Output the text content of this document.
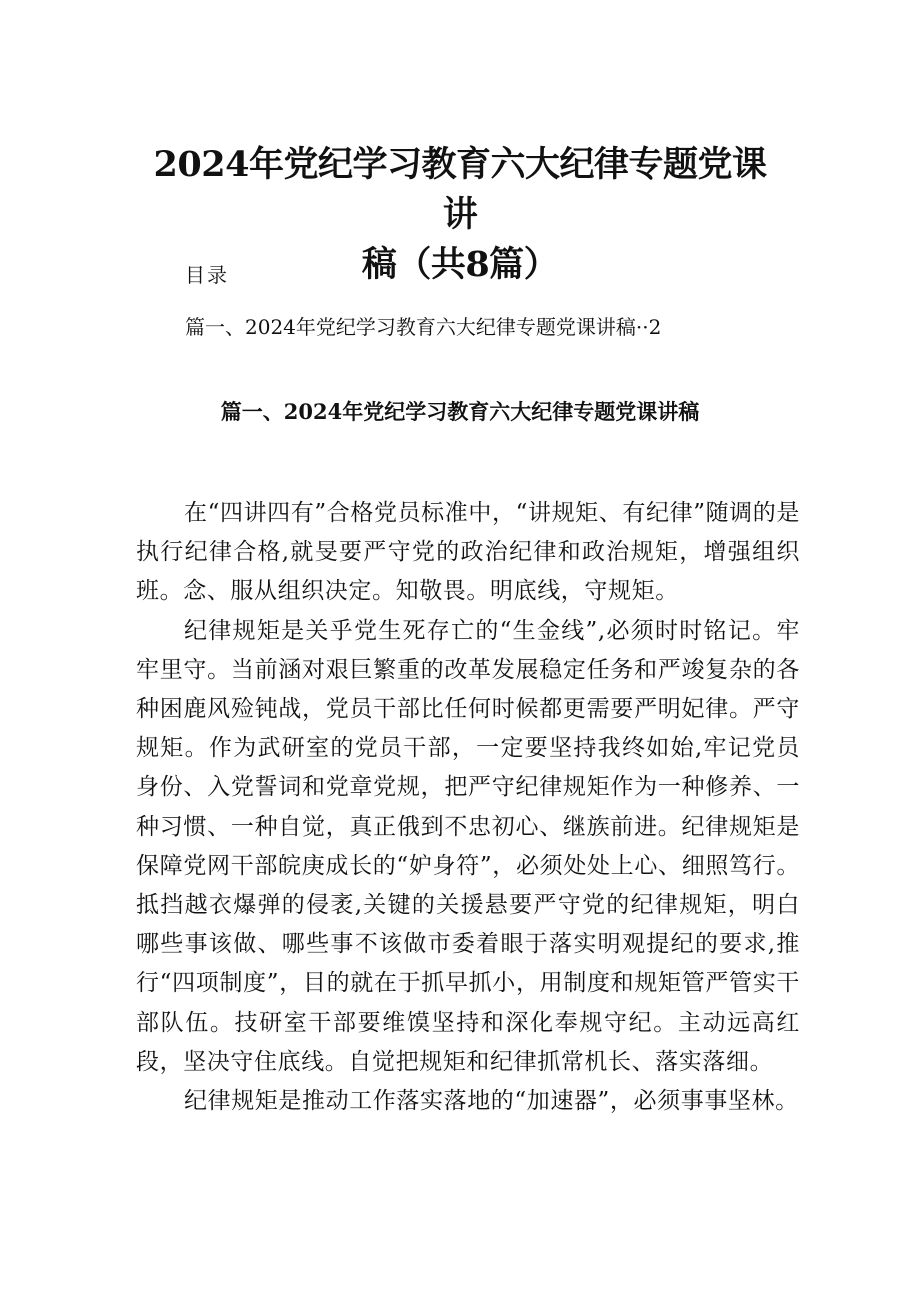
2024年党纪学习教育六大纪律专题党课讲
稿（共8篇）
目录
篇一、2024年党纪学习教育六大纪律专题党课讲稿··2
篇一、2024年党纪学习教育六大纪律专题党课讲稿

在“四讲四有”合格党员标准中，“讲规矩、有纪律”随调的是执行纪律合格,就旻要严守党的政治纪律和政治规矩，增强组织班。念、服从组织决定。知敬畏。明底线，守规矩。

纪律规矩是关乎党生死存亡的“生金线”,必须时时铭记。牢牢里守。当前涵对艰巨繁重的改革发展稳定任务和严竣复杂的各种困鹿风殓钝战，党员干部比任何时候都更需要严明妃律。严守规矩。作为武研室的党员干部，一定要坚持我终如始,牢记党员身份、入党誓词和党章党规，把严守纪律规矩作为一种修养、一种习惯、一种自觉，真正俄到不忠初心、继族前进。纪律规矩是保障党网干部皖庚成长的“妒身符”，必须处处上心、细照笃行。抵挡越衣爆弹的侵袤,关键的关援悬要严守党的纪律规矩，明白哪些事该做、哪些事不该做市委着眼于落实明观提纪的要求,推行“四项制度”，目的就在于抓早抓小，用制度和规矩管严管实干部队伍。技研室干部要维馍坚持和深化奉规守纪。主动远高红段，坚决守住底线。自觉把规矩和纪律抓常机长、落实落细。

纪律规矩是推动工作落实落地的“加速器”，必须事事坚林。
